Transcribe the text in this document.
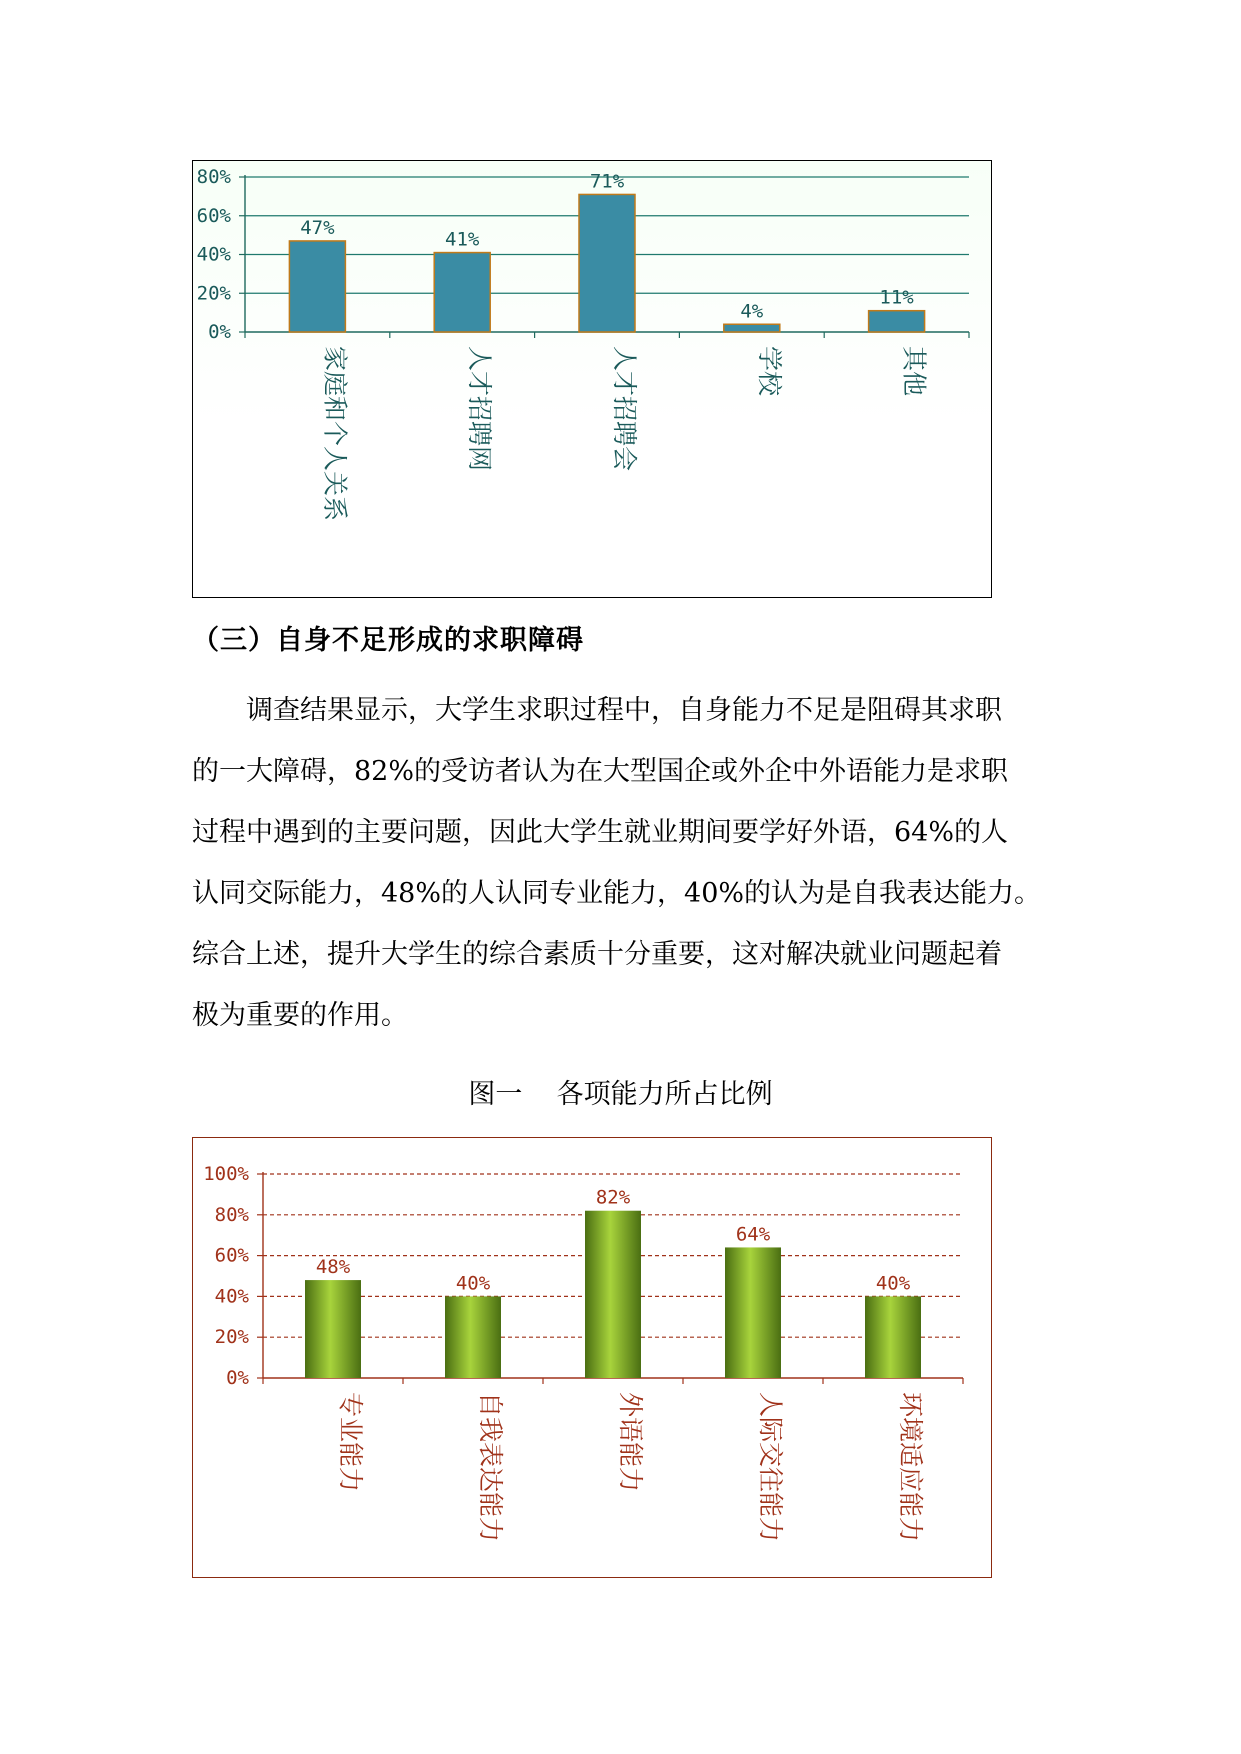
0%
20%
40%
60%
80%
47%
41%
71%
4%
11%
家庭和个人关系	人才招聘网	人才招聘会	学校	其他
（三）自身不足形成的求职障碍
调查结果显示，大学生求职过程中，自身能力不足是阻碍其求职
的一大障碍，82%的受访者认为在大型国企或外企中外语能力是求职
过程中遇到的主要问题，因此大学生就业期间要学好外语，64%的人
认同交际能力，48%的人认同专业能力，40%的认为是自我表达能力。
综合上述，提升大学生的综合素质十分重要，这对解决就业问题起着
极为重要的作用。
图一    各项能力所占比例
0%
20%
40%
60%
80%
100%
48%
40%
82%
64%
40%
专业能力	自我表达能力	外语能力	人际交往能力	环境适应能力
